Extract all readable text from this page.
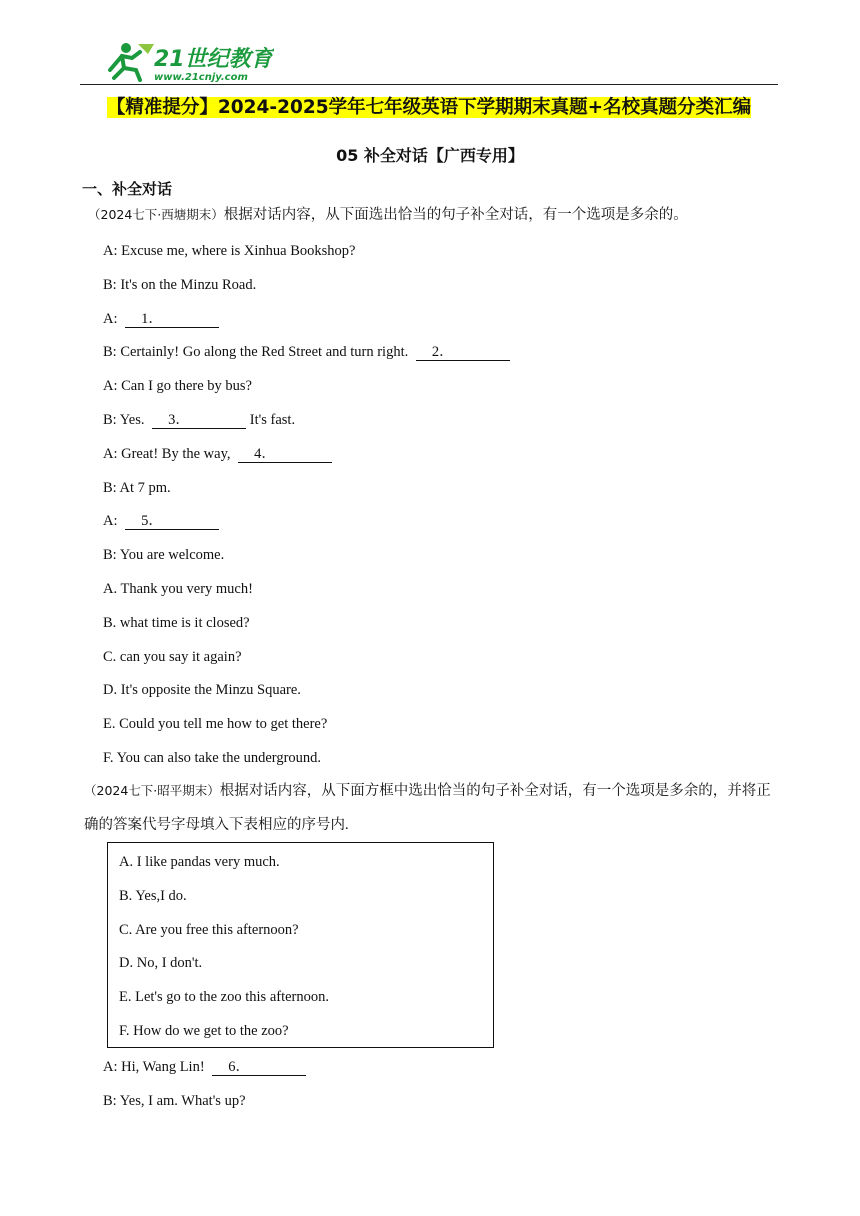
21世纪教育
www.21cnjy.com
【精准提分】2024-2025学年七年级英语下学期期末真题+名校真题分类汇编
05 补全对话【广西专用】
一、补全对话
（2024七下·西塘期末）根据对话内容，从下面选出恰当的句子补全对话，有一个选项是多余的。
A: Excuse me, where is Xinhua Bookshop?
B: It's on the Minzu Road.
A: 1．
B: Certainly! Go along the Red Street and turn right. 2．
A: Can I go there by bus?
B: Yes. 3．	It's fast.
A: Great! By the way, 4．
B: At 7 pm.
A: 5．
B: You are welcome.
A. Thank you very much!
B. what time is it closed?
C. can you say it again?
D. It's opposite the Minzu Square.
E. Could you tell me how to get there?
F. You can also take the underground.
（2024七下·昭平期末）根据对话内容，从下面方框中选出恰当的句子补全对话，有一个选项是多余的，并将正确的答案代号字母填入下表相应的序号内.
A. I like pandas very much.
B. Yes,I do.
C. Are you free this afternoon?
D. No, I don't.
E. Let's go to the zoo this afternoon.
F. How do we get to the zoo?
A: Hi, Wang Lin! 6．
B: Yes, I am. What's up?
